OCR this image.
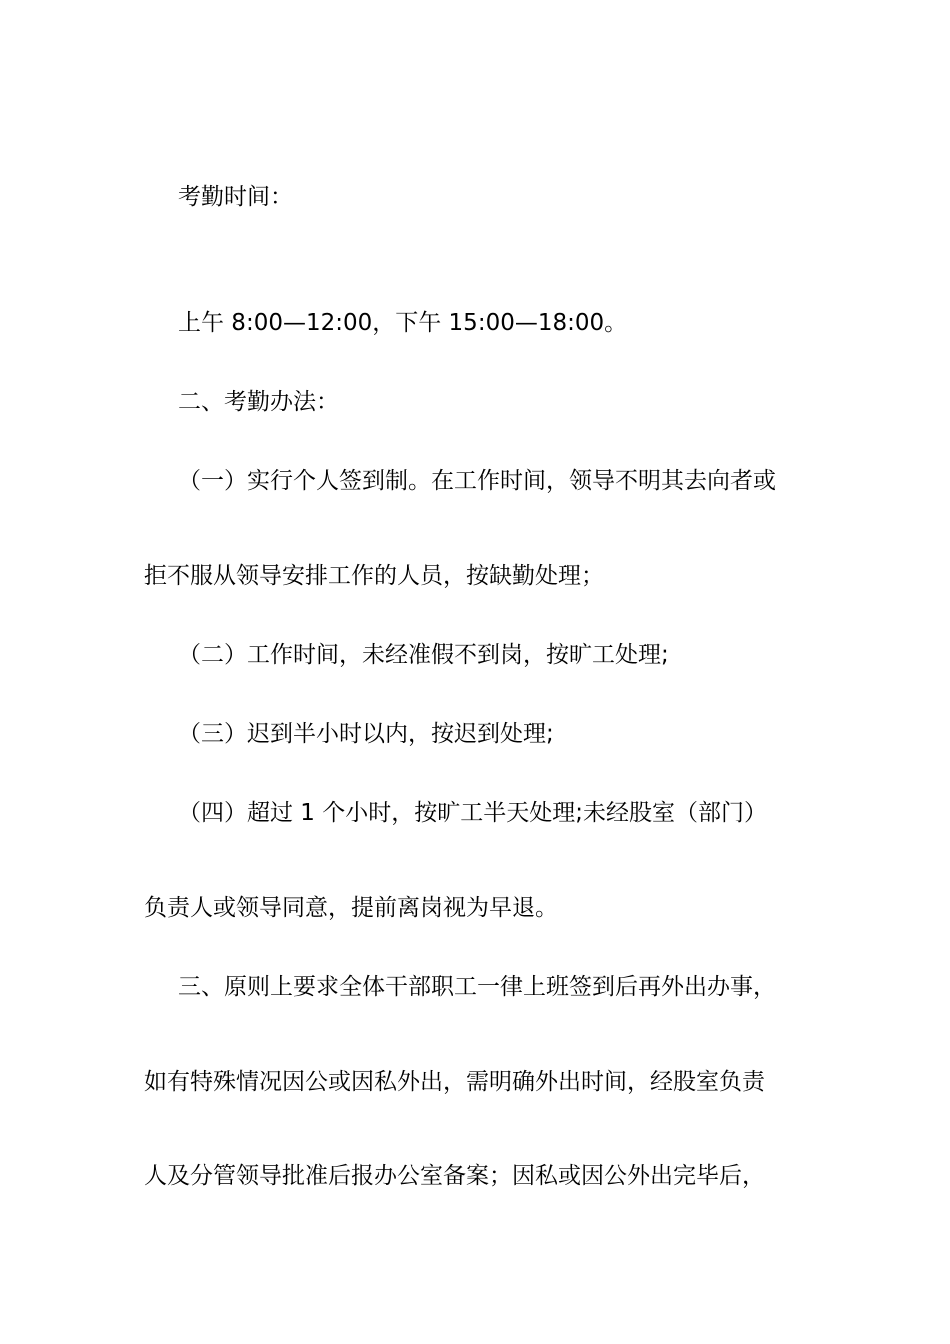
考勤时间：
上午 8:00—12:00，下午 15:00—18:00。
二、考勤办法：
（一）实行个人签到制。在工作时间，领导不明其去向者或
拒不服从领导安排工作的人员，按缺勤处理；
（二）工作时间，未经准假不到岗，按旷工处理;
（三）迟到半小时以内，按迟到处理;
（四）超过 1 个小时，按旷工半天处理;未经股室（部门）
负责人或领导同意，提前离岗视为早退。
三、原则上要求全体干部职工一律上班签到后再外出办事，
如有特殊情况因公或因私外出，需明确外出时间，经股室负责
人及分管领导批准后报办公室备案；因私或因公外出完毕后，
